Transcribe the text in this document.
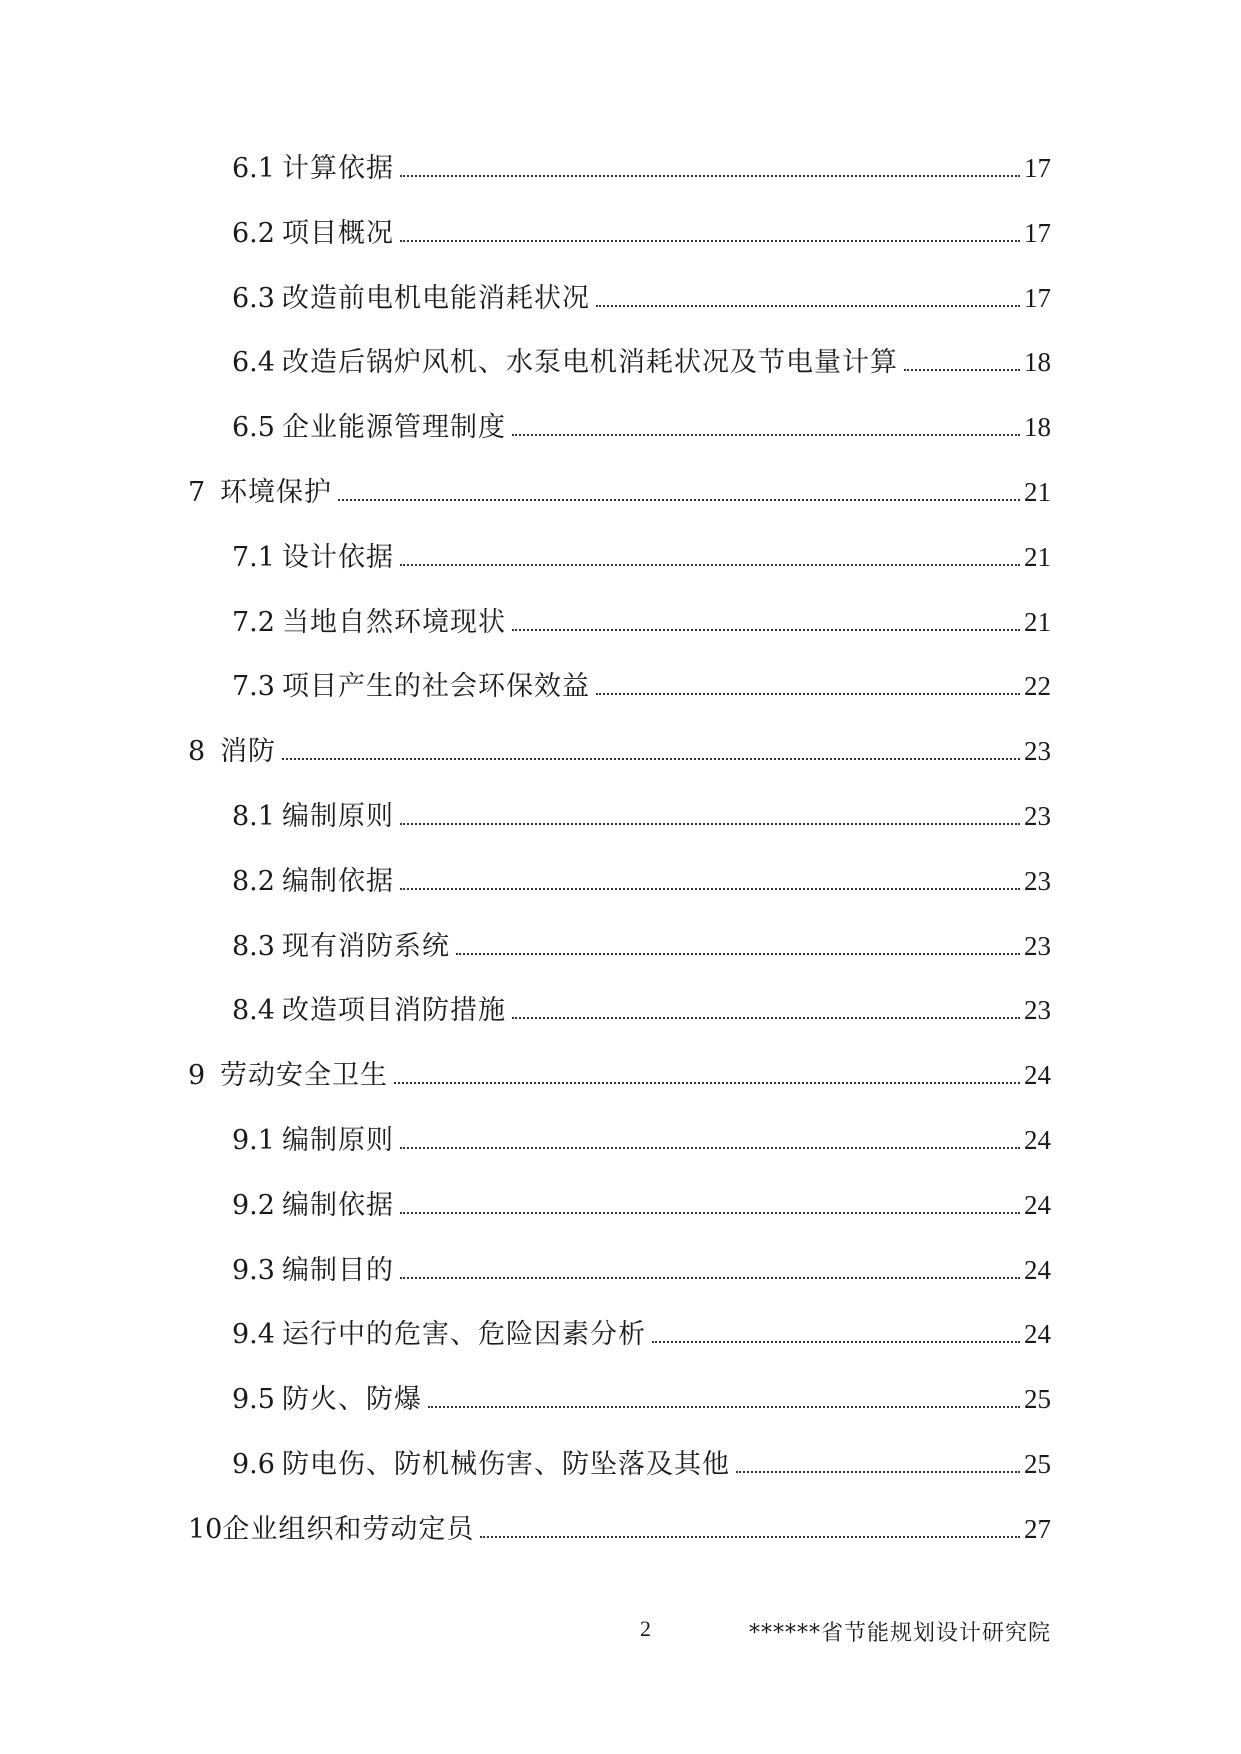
6.1 计算依据	17
6.2 项目概况	17
6.3 改造前电机电能消耗状况	17
6.4 改造后锅炉风机、水泵电机消耗状况及节电量计算	18
6.5 企业能源管理制度	18
7 环境保护	21
7.1 设计依据	21
7.2 当地自然环境现状	21
7.3 项目产生的社会环保效益	22
8 消防	23
8.1 编制原则	23
8.2 编制依据	23
8.3 现有消防系统	23
8.4 改造项目消防措施	23
9 劳动安全卫生	24
9.1 编制原则	24
9.2 编制依据	24
9.3 编制目的	24
9.4 运行中的危害、危险因素分析	24
9.5 防火、防爆	25
9.6 防电伤、防机械伤害、防坠落及其他	25
10 企业组织和劳动定员	27
2	******省节能规划设计研究院
